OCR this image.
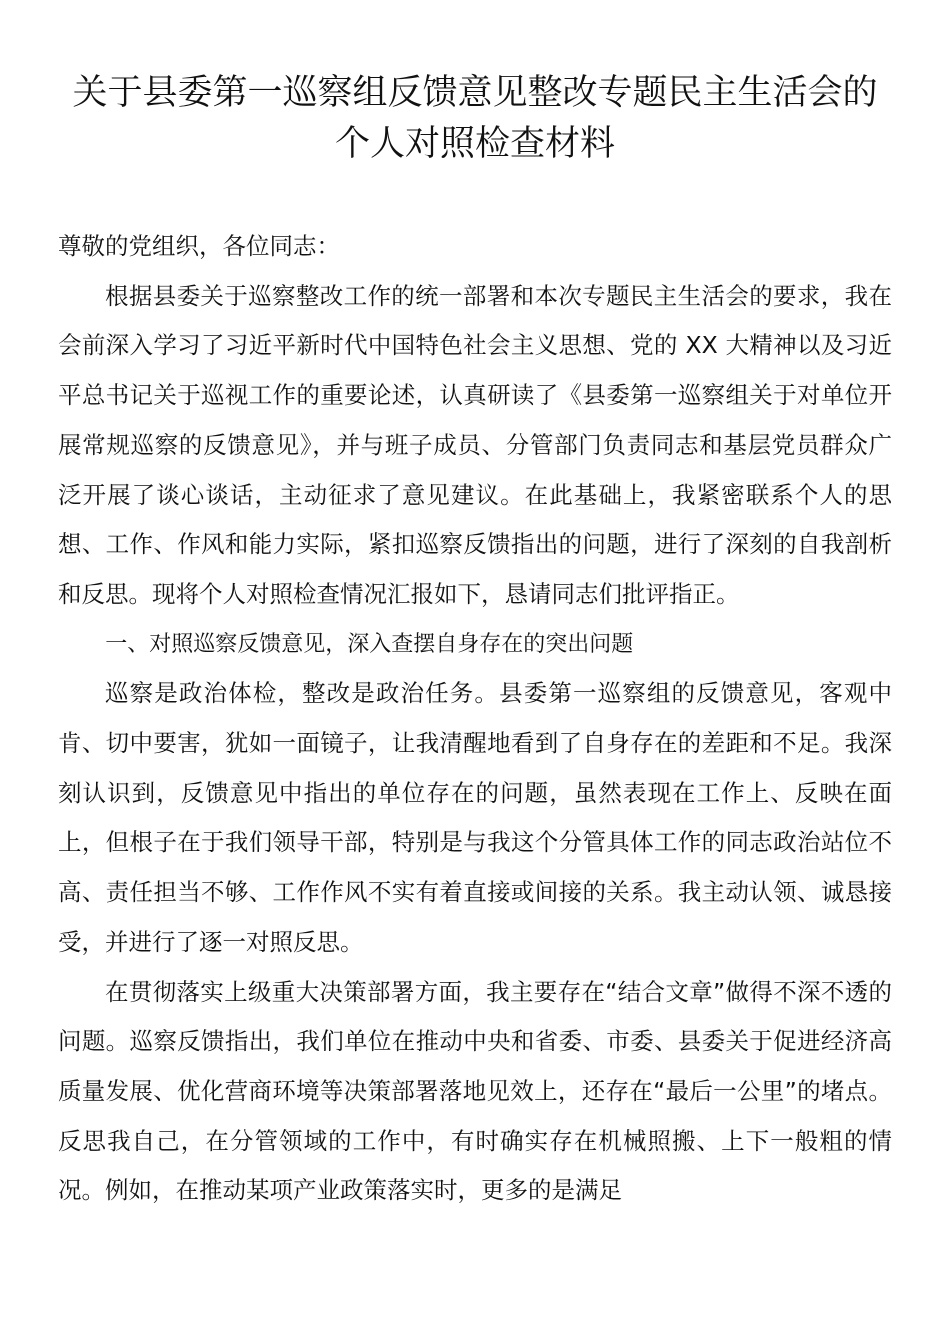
关于县委第一巡察组反馈意见整改专题民主生活会的
个人对照检查材料

尊敬的党组织，各位同志：

根据县委关于巡察整改工作的统一部署和本次专题民主生活会的要求，我在会前深入学习了习近平新时代中国特色社会主义思想、党的 XX 大精神以及习近平总书记关于巡视工作的重要论述，认真研读了《县委第一巡察组关于对单位开展常规巡察的反馈意见》，并与班子成员、分管部门负责同志和基层党员群众广泛开展了谈心谈话，主动征求了意见建议。在此基础上，我紧密联系个人的思想、工作、作风和能力实际，紧扣巡察反馈指出的问题，进行了深刻的自我剖析和反思。现将个人对照检查情况汇报如下，恳请同志们批评指正。

一、对照巡察反馈意见，深入查摆自身存在的突出问题

巡察是政治体检，整改是政治任务。县委第一巡察组的反馈意见，客观中肯、切中要害，犹如一面镜子，让我清醒地看到了自身存在的差距和不足。我深刻认识到，反馈意见中指出的单位存在的问题，虽然表现在工作上、反映在面上，但根子在于我们领导干部，特别是与我这个分管具体工作的同志政治站位不高、责任担当不够、工作作风不实有着直接或间接的关系。我主动认领、诚恳接受，并进行了逐一对照反思。

在贯彻落实上级重大决策部署方面，我主要存在“结合文章”做得不深不透的问题。巡察反馈指出，我们单位在推动中央和省委、市委、县委关于促进经济高质量发展、优化营商环境等决策部署落地见效上，还存在“最后一公里”的堵点。反思我自己，在分管领域的工作中，有时确实存在机械照搬、上下一般粗的情况。例如，在推动某项产业政策落实时，更多的是满足
